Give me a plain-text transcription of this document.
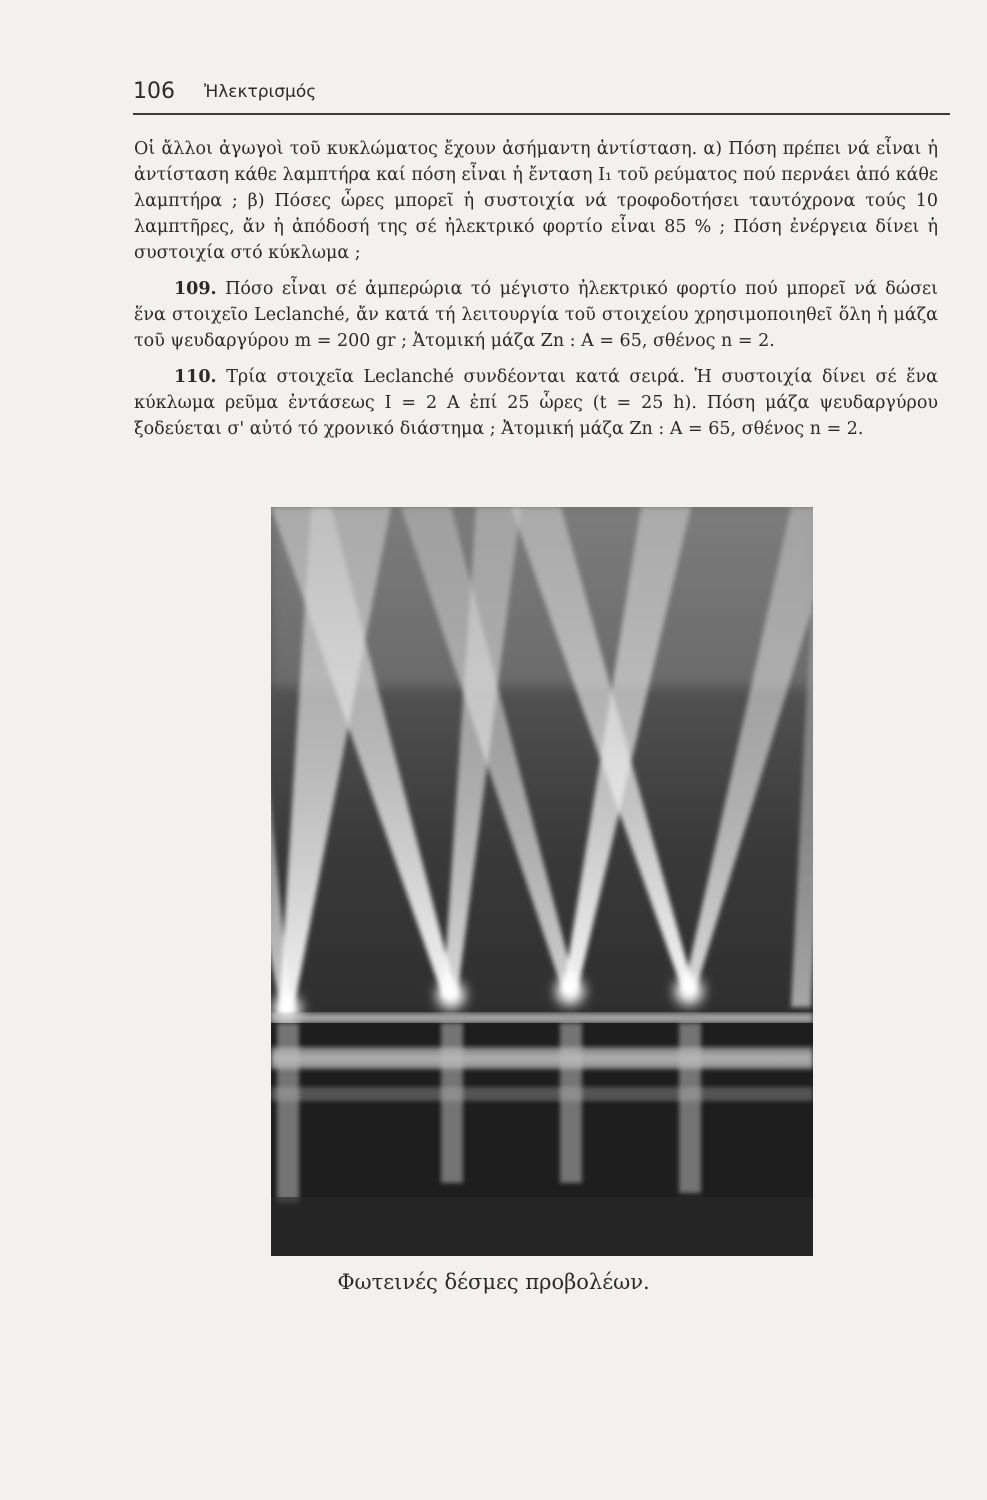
106 Ἠλεκτρισμός

Οἱ ἄλλοι ἀγωγοὶ τοῦ κυκλώματος ἔχουν ἀσήμαντη ἀντίσταση. α) Πόση πρέπει νά εἶναι ἡ ἀντίσταση κάθε λαμπτήρα καί πόση εἶναι ἡ ἔνταση I₁ τοῦ ρεύματος πού περνάει ἀπό κάθε λαμπτήρα ; β) Πόσες ὧρες μπορεῖ ἡ συστοιχία νά τροφοδοτήσει ταυτόχρονα τούς 10 λαμπτῆρες, ἄν ἡ ἀπόδοσή της σέ ἠλεκτρικό φορτίο εἶναι 85 % ; Πόση ἐνέργεια δίνει ἡ συστοιχία στό κύκλωμα ;

109. Πόσο εἶναι σέ ἀμπερώρια τό μέγιστο ἠλεκτρικό φορτίο πού μπορεῖ νά δώσει ἕνα στοιχεῖο Leclanché, ἄν κατά τή λειτουργία τοῦ στοιχείου χρησιμοποιηθεῖ ὅλη ἡ μάζα τοῦ ψευδαργύρου m = 200 gr ; Ἀτομική μάζα Zn : A = 65, σθένος n = 2.

110. Τρία στοιχεῖα Leclanché συνδέονται κατά σειρά. Ἡ συστοιχία δίνει σέ ἕνα κύκλωμα ρεῦμα ἐντάσεως I = 2 A ἐπί 25 ὧρες (t = 25 h). Πόση μάζα ψευδαργύρου ξοδεύεται σ' αὐτό τό χρονικό διάστημα ; Ἀτομική μάζα Zn : A = 65, σθένος n = 2.

Φωτεινές δέσμες προβολέων.
